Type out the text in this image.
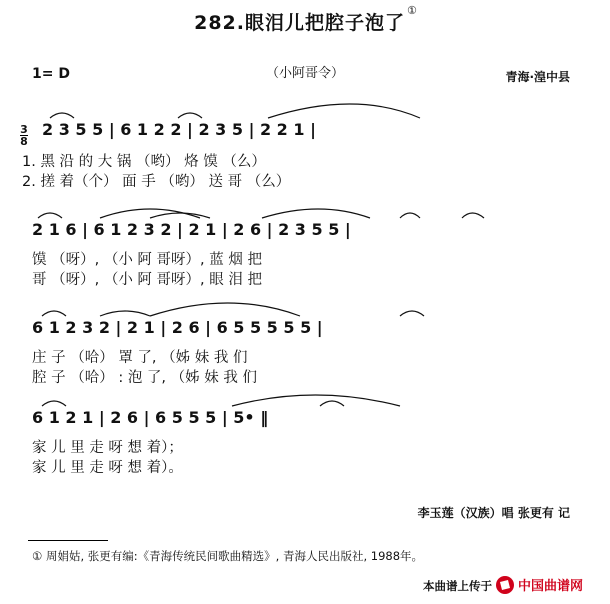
282.眼泪儿把腔子泡了①
（小阿哥令）
1= D	青海·湟中县
3
8
2 3 5 5 | 6 1 2 2 | 2 3 5 | 2 2 1 |
1. 黑 沿 的 大 锅 （哟） 烙 馍 （么）
2. 搓 着（个） 面 手 （哟） 送 哥 （么）
2 1 6 | 6 1 2 3 2 | 2 1 | 2 6 | 2 3 5 5 |
馍 （呀）, （小 阿 哥呀）, 蓝 烟 把
哥 （呀）, （小 阿 哥呀）, 眼 泪 把
6 1 2 3 2 | 2 1 | 2 6 | 6 5 5 5 5 5 |
庄 子 （哈） 罩 了, （姊 妹 我 们
腔 子 （哈） : 泡 了, （姊 妹 我 们
6 1 2 1 | 2 6 | 6 5 5 5 | 5• ‖
家 儿 里 走 呀 想 着）；
家 儿 里 走 呀 想 着）。
李玉莲（汉族）唱 张更有 记
① 周娟姑, 张更有编:《青海传统民间歌曲精选》, 青海人民出版社, 1988年。
本曲谱上传于 中国曲谱网
